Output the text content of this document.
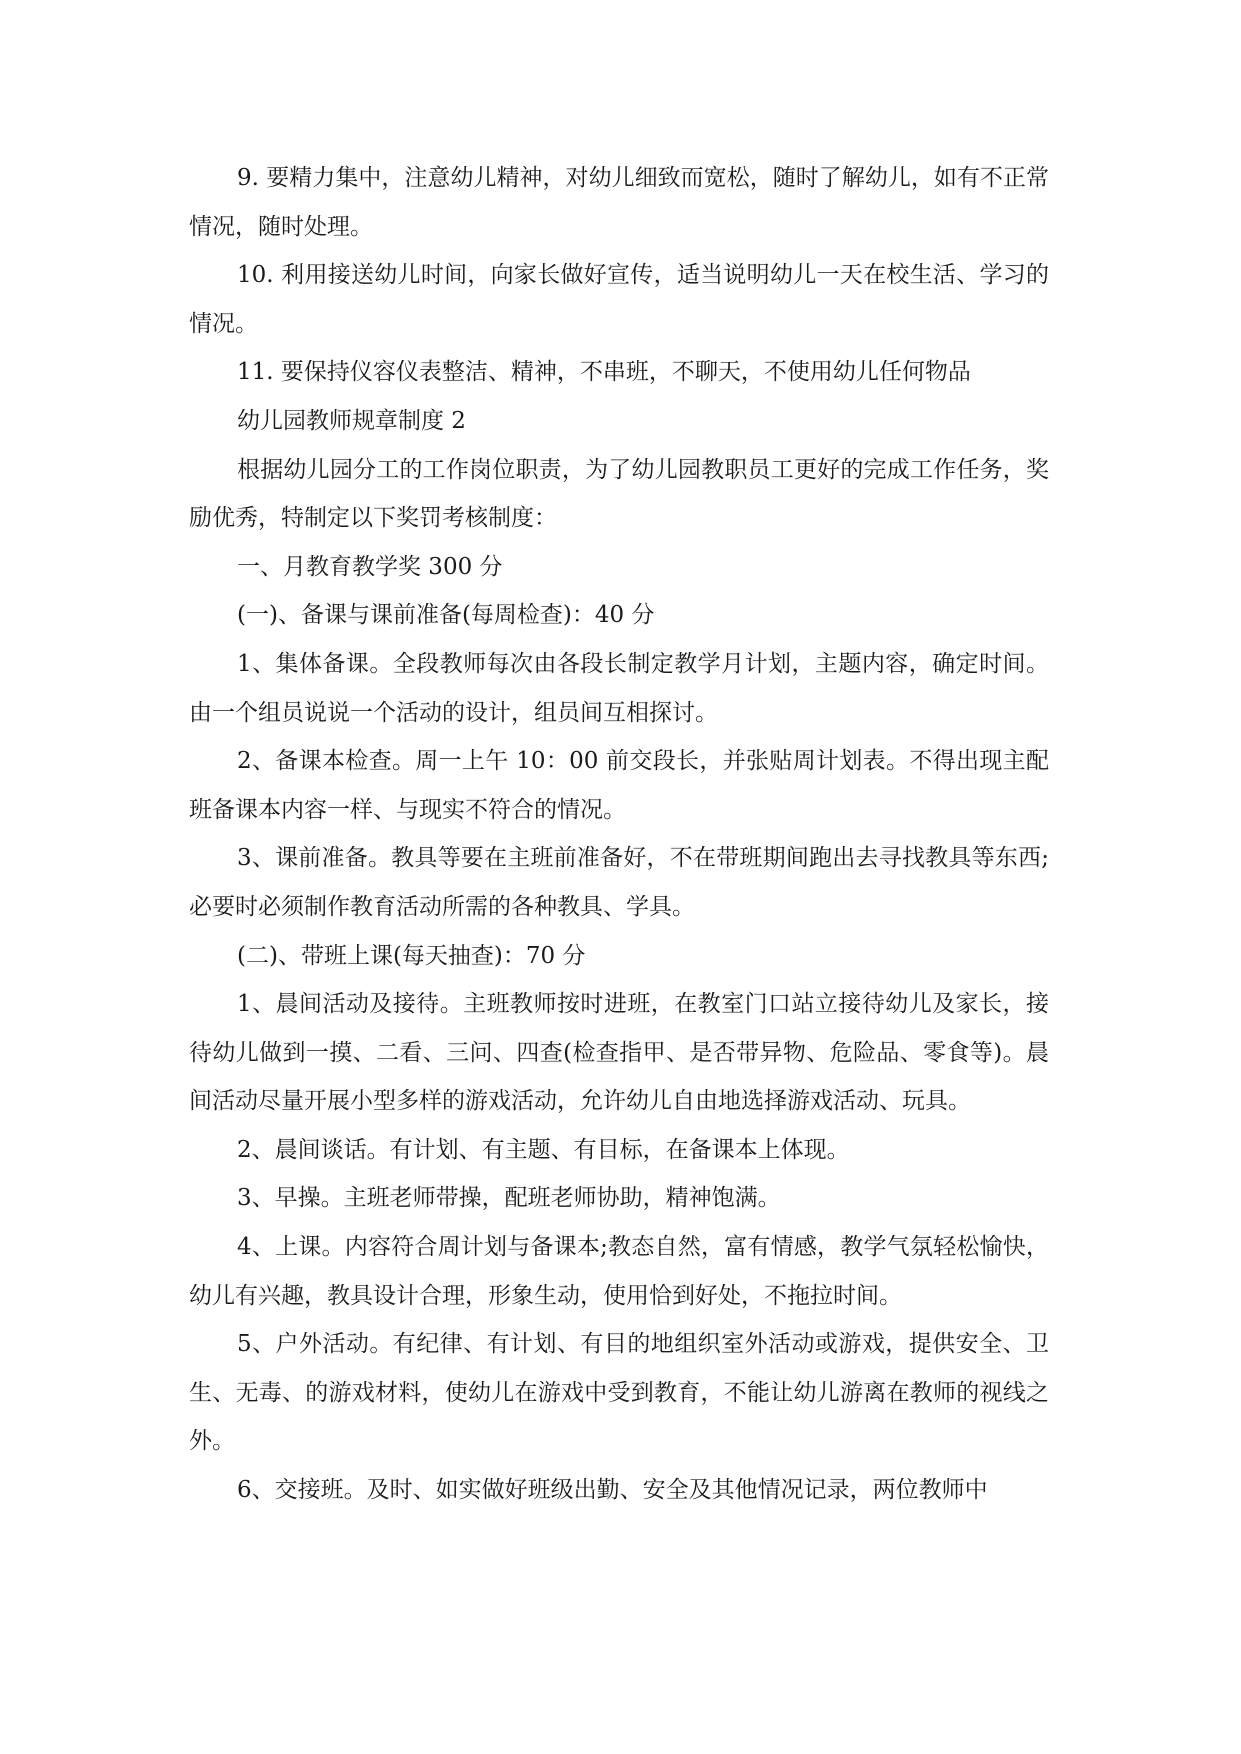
9. 要精力集中，注意幼儿精神，对幼儿细致而宽松，随时了解幼儿，如有不正常情况，随时处理。

10. 利用接送幼儿时间，向家长做好宣传，适当说明幼儿一天在校生活、学习的情况。

11. 要保持仪容仪表整洁、精神，不串班，不聊天，不使用幼儿任何物品

幼儿园教师规章制度 2

根据幼儿园分工的工作岗位职责，为了幼儿园教职员工更好的完成工作任务，奖励优秀，特制定以下奖罚考核制度：

一、月教育教学奖 300 分

(一)、备课与课前准备(每周检查)：40 分

1、集体备课。全段教师每次由各段长制定教学月计划，主题内容，确定时间。由一个组员说说一个活动的设计，组员间互相探讨。

2、备课本检查。周一上午 10：00 前交段长，并张贴周计划表。不得出现主配班备课本内容一样、与现实不符合的情况。

3、课前准备。教具等要在主班前准备好，不在带班期间跑出去寻找教具等东西;必要时必须制作教育活动所需的各种教具、学具。

(二)、带班上课(每天抽查)：70 分

1、晨间活动及接待。主班教师按时进班，在教室门口站立接待幼儿及家长，接待幼儿做到一摸、二看、三问、四查(检查指甲、是否带异物、危险品、零食等)。晨间活动尽量开展小型多样的游戏活动，允许幼儿自由地选择游戏活动、玩具。

2、晨间谈话。有计划、有主题、有目标，在备课本上体现。

3、早操。主班老师带操，配班老师协助，精神饱满。

4、上课。内容符合周计划与备课本;教态自然，富有情感，教学气氛轻松愉快，幼儿有兴趣，教具设计合理，形象生动，使用恰到好处，不拖拉时间。

5、户外活动。有纪律、有计划、有目的地组织室外活动或游戏，提供安全、卫生、无毒、的游戏材料，使幼儿在游戏中受到教育，不能让幼儿游离在教师的视线之外。

6、交接班。及时、如实做好班级出勤、安全及其他情况记录，两位教师中
